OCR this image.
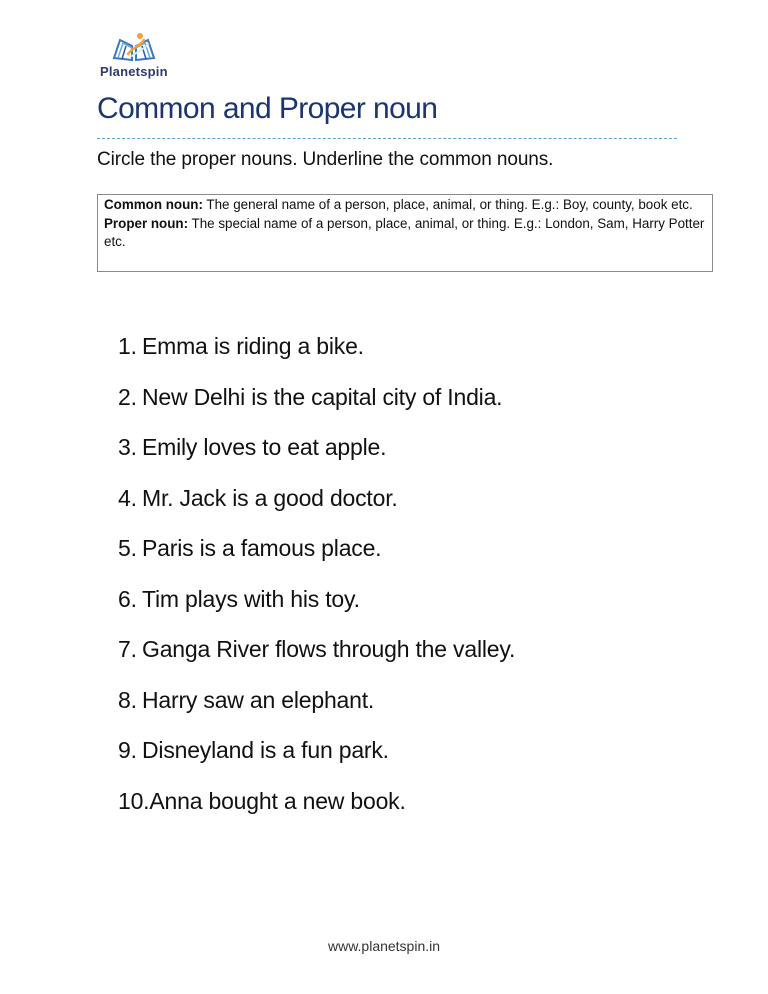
Planetspin
Common and Proper noun
Circle the proper nouns. Underline the common nouns.
Common noun: The general name of a person, place, animal, or thing. E.g.: Boy, county, book etc.
Proper noun: The special name of a person, place, animal, or thing. E.g.: London, Sam, Harry Potter etc.
1. Emma is riding a bike.
2. New Delhi is the capital city of India.
3. Emily loves to eat apple.
4. Mr. Jack is a good doctor.
5. Paris is a famous place.
6. Tim plays with his toy.
7. Ganga River flows through the valley.
8. Harry saw an elephant.
9. Disneyland is a fun park.
10.Anna bought a new book.
www.planetspin.in
